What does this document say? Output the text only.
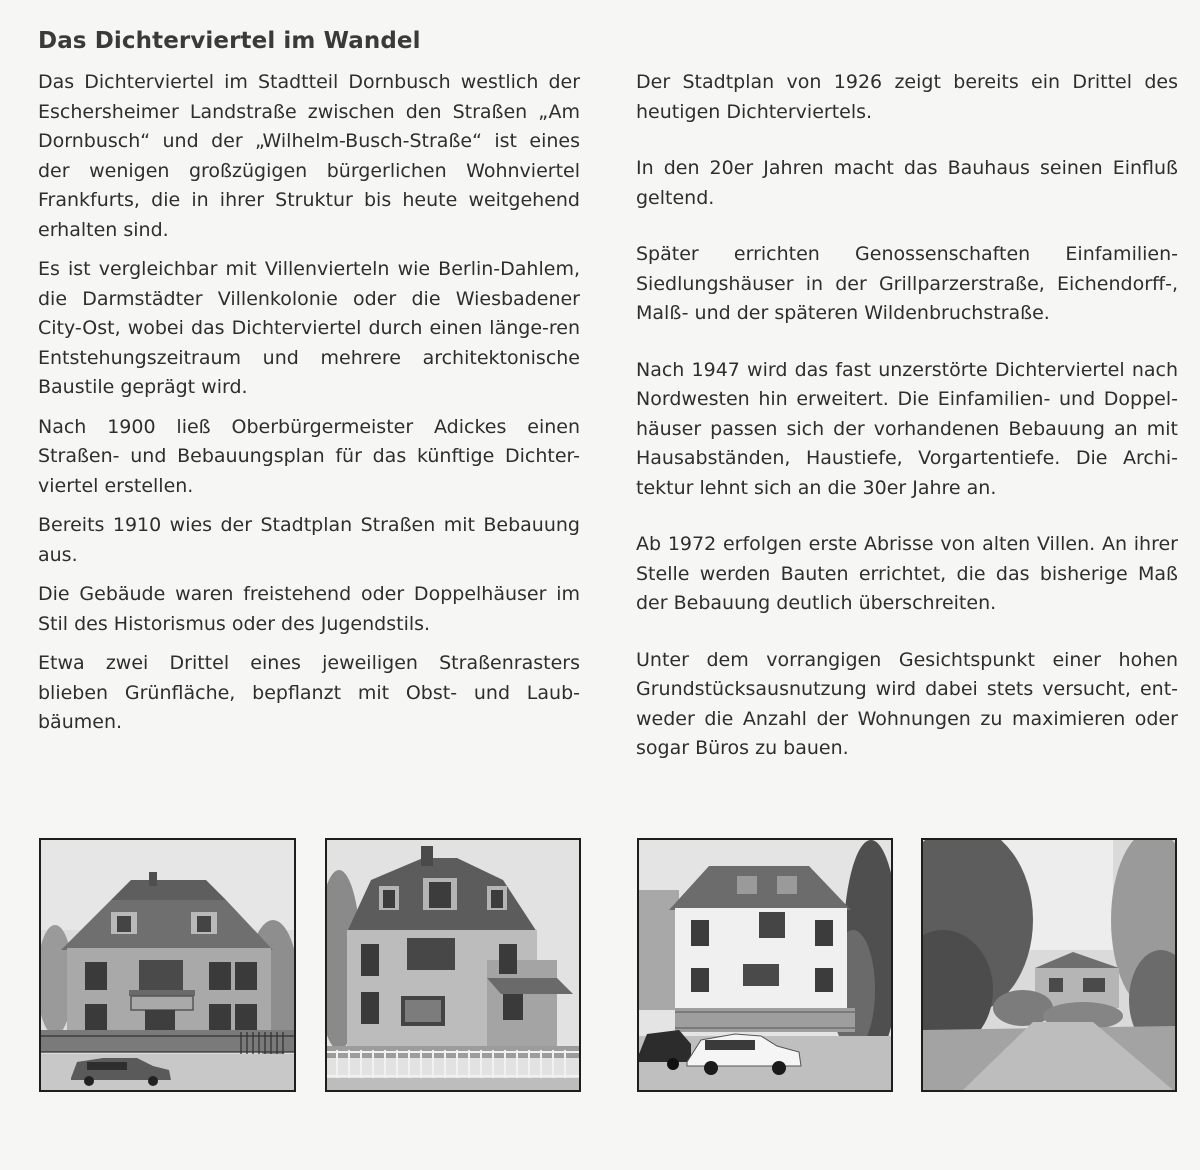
Das Dichterviertel im Wandel

Das Dichterviertel im Stadtteil Dornbusch westlich der Eschersheimer Landstraße zwischen den Straßen „Am Dornbusch“ und der „Wilhelm-Busch-Straße“ ist eines der wenigen großzügigen bürgerlichen Wohnviertel Frankfurts, die in ihrer Struktur bis heute weitgehend erhalten sind.

Es ist vergleichbar mit Villenvierteln wie Berlin-Dahlem, die Darmstädter Villenkolonie oder die Wiesbadener City-Ost, wobei das Dichterviertel durch einen länge-ren Entstehungszeitraum und mehrere architektonische Baustile geprägt wird.

Nach 1900 ließ Oberbürgermeister Adickes einen Straßen- und Bebauungsplan für das künftige Dichter-viertel erstellen.

Bereits 1910 wies der Stadtplan Straßen mit Bebauung aus.

Die Gebäude waren freistehend oder Doppelhäuser im Stil des Historismus oder des Jugendstils.

Etwa zwei Drittel eines jeweiligen Straßenrasters blieben Grünfläche, bepflanzt mit Obst- und Laub-bäumen.

Der Stadtplan von 1926 zeigt bereits ein Drittel des heutigen Dichterviertels.

In den 20er Jahren macht das Bauhaus seinen Einfluß geltend.

Später errichten Genossenschaften Einfamilien-Siedlungshäuser in der Grillparzerstraße, Eichendorff-, Malß- und der späteren Wildenbruchstraße.

Nach 1947 wird das fast unzerstörte Dichterviertel nach Nordwesten hin erweitert. Die Einfamilien- und Doppel-häuser passen sich der vorhandenen Bebauung an mit Hausabständen, Haustiefe, Vorgartentiefe. Die Archi-tektur lehnt sich an die 30er Jahre an.

Ab 1972 erfolgen erste Abrisse von alten Villen. An ihrer Stelle werden Bauten errichtet, die das bisherige Maß der Bebauung deutlich überschreiten.

Unter dem vorrangigen Gesichtspunkt einer hohen Grundstücksausnutzung wird dabei stets versucht, ent-weder die Anzahl der Wohnungen zu maximieren oder sogar Büros zu bauen.
